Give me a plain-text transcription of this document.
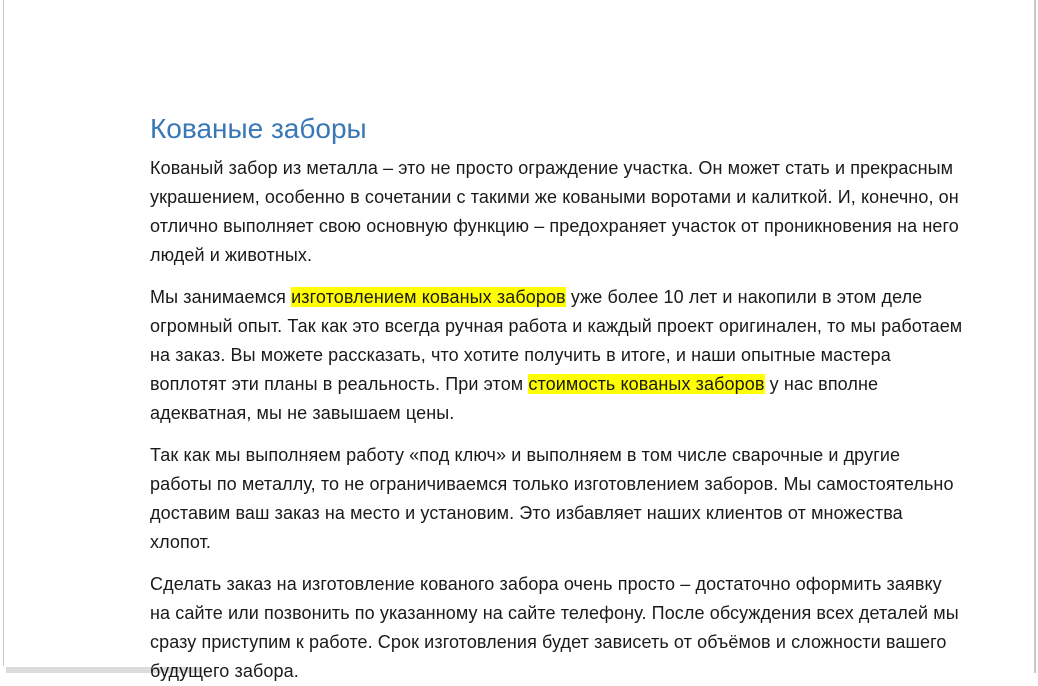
Кованые заборы

Кованый забор из металла – это не просто ограждение участка. Он может стать и прекрасным украшением, особенно в сочетании с такими же коваными воротами и калиткой. И, конечно, он отлично выполняет свою основную функцию – предохраняет участок от проникновения на него людей и животных.

Мы занимаемся изготовлением кованых заборов уже более 10 лет и накопили в этом деле огромный опыт. Так как это всегда ручная работа и каждый проект оригинален, то мы работаем на заказ. Вы можете рассказать, что хотите получить в итоге, и наши опытные мастера воплотят эти планы в реальность. При этом стоимость кованых заборов у нас вполне адекватная, мы не завышаем цены.

Так как мы выполняем работу «под ключ» и выполняем в том числе сварочные и другие работы по металлу, то не ограничиваемся только изготовлением заборов. Мы самостоятельно доставим ваш заказ на место и установим. Это избавляет наших клиентов от множества хлопот.

Сделать заказ на изготовление кованого забора очень просто – достаточно оформить заявку на сайте или позвонить по указанному на сайте телефону. После обсуждения всех деталей мы сразу приступим к работе. Срок изготовления будет зависеть от объёмов и сложности вашего будущего забора.
